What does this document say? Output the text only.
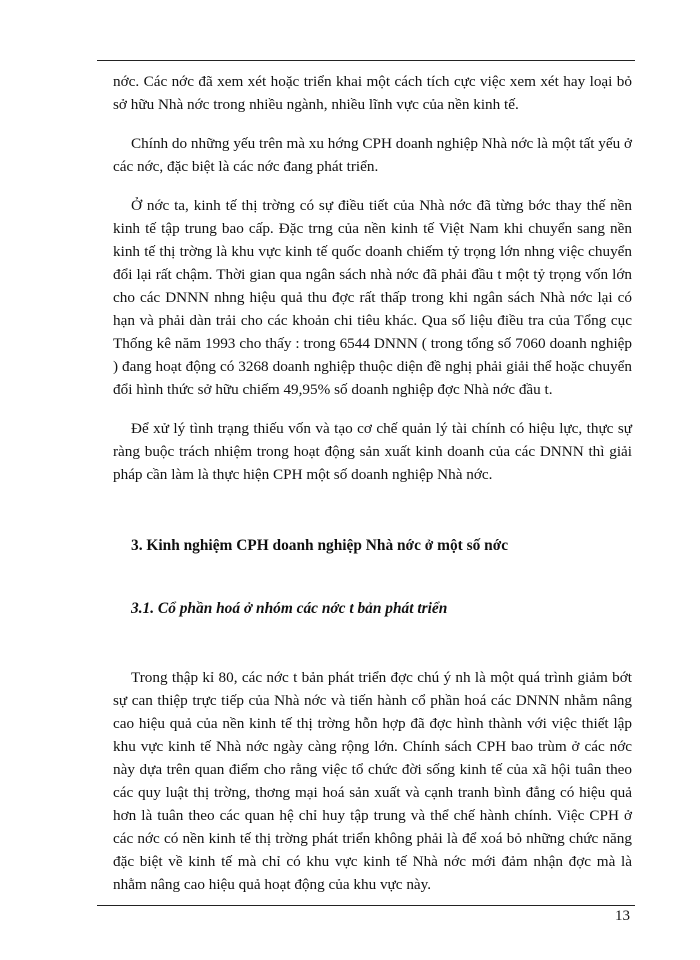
nớc. Các nớc đã xem xét hoặc triển khai một cách tích cực việc xem xét hay loại bỏ sở hữu Nhà nớc trong nhiều ngành, nhiều lĩnh vực của nền kinh tế.

Chính do những yếu trên mà xu hớng CPH doanh nghiệp Nhà nớc là một tất yếu ở các nớc, đặc biệt là các nớc đang phát triển.

Ở nớc ta, kinh tế thị trờng có sự điều tiết của Nhà nớc đã từng bớc thay thế nền kinh tế tập trung bao cấp. Đặc trng của nền kinh tế Việt Nam khi chuyển sang nền kinh tế thị trờng là khu vực kinh tế quốc doanh chiếm tỷ trọng lớn nhng việc chuyển đổi lại rất chậm. Thời gian qua ngân sách nhà nớc đã phải đầu t một tỷ trọng vốn lớn cho các DNNN nhng hiệu quả thu đợc rất thấp trong khi ngân sách Nhà nớc lại có hạn và phải dàn trải cho các khoản chi tiêu khác. Qua số liệu điều tra của Tổng cục Thống kê năm 1993 cho thấy : trong 6544 DNNN ( trong tổng số 7060 doanh nghiệp ) đang hoạt động có 3268 doanh nghiệp thuộc diện đề nghị phải giải thể hoặc chuyển đổi hình thức sở hữu chiếm 49,95% số doanh nghiệp đợc Nhà nớc đầu t.

Để xử lý tình trạng thiếu vốn và tạo cơ chế quản lý tài chính có hiệu lực, thực sự ràng buộc trách nhiệm trong hoạt động sản xuất kinh doanh của các DNNN thì giải pháp cần làm là thực hiện CPH một số doanh nghiệp Nhà nớc.

3. Kinh nghiệm CPH doanh nghiệp Nhà nớc ở một số nớc
3.1. Cổ phần hoá ở nhóm các nớc t bản phát triển

Trong thập kỉ 80, các nớc t bản phát triển đợc chú ý nh là một quá trình giảm bớt sự can thiệp trực tiếp của Nhà nớc và tiến hành cổ phần hoá các DNNN nhằm nâng cao hiệu quả của nền kinh tế thị trờng hỗn hợp đã đợc hình thành với việc thiết lập khu vực kinh tế Nhà nớc ngày càng rộng lớn. Chính sách CPH bao trùm ở các nớc này dựa trên quan điểm cho rằng việc tổ chức đời sống kinh tế của xã hội tuân theo các quy luật thị trờng, thơng mại hoá sản xuất và cạnh tranh bình đẳng có hiệu quả hơn là tuân theo các quan hệ chỉ huy tập trung và thể chế hành chính. Việc CPH ở các nớc có nền kinh tế thị trờng phát triển không phải là để xoá bỏ những chức năng đặc biệt về kinh tế mà chỉ có khu vực kinh tế Nhà nớc mới đảm nhận đợc mà là nhằm nâng cao hiệu quả hoạt động của khu vực này.

13
